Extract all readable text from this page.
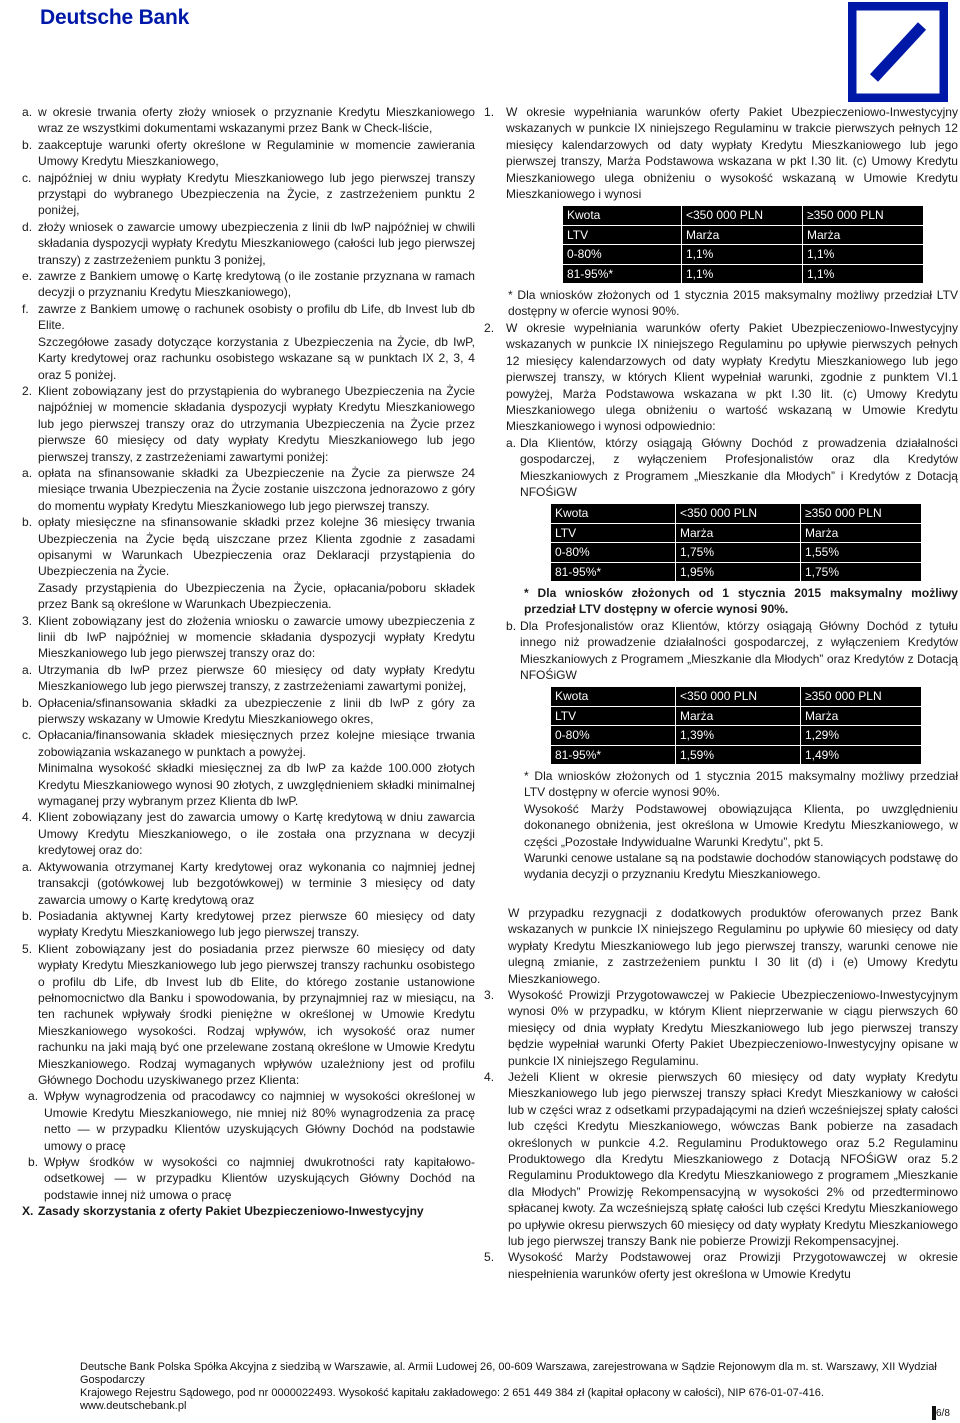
Deutsche Bank
a. w okresie trwania oferty złoży wniosek o przyznanie Kredytu Mieszkaniowego wraz ze wszystkimi dokumentami wskazanymi przez Bank w Check-liście,
b. zaakceptuje warunki oferty określone w Regulaminie w momencie zawierania Umowy Kredytu Mieszkaniowego,
c. najpóźniej w dniu wypłaty Kredytu Mieszkaniowego lub jego pierwszej transzy przystąpi do wybranego Ubezpieczenia na Życie, z zastrzeżeniem punktu 2 poniżej,
d. złoży wniosek o zawarcie umowy ubezpieczenia z linii db IwP najpóźniej w chwili składania dyspozycji wypłaty Kredytu Mieszkaniowego (całości lub jego pierwszej transzy) z zastrzeżeniem punktu 3 poniżej,
e. zawrze z Bankiem umowę o Kartę kredytową (o ile zostanie przyznana w ramach decyzji o przyznaniu Kredytu Mieszkaniowego),
f. zawrze z Bankiem umowę o rachunek osobisty o profilu db Life, db Invest lub db Elite.
Szczegółowe zasady dotyczące korzystania z Ubezpieczenia na Życie, db IwP, Karty kredytowej oraz rachunku osobistego wskazane są w punktach IX 2, 3, 4 oraz 5 poniżej.
2. Klient zobowiązany jest do przystąpienia do wybranego Ubezpieczenia na Życie najpóźniej w momencie składania dyspozycji wypłaty Kredytu Mieszkaniowego lub jego pierwszej transzy oraz do utrzymania Ubezpieczenia na Życie przez pierwsze 60 miesięcy od daty wypłaty Kredytu Mieszkaniowego lub jego pierwszej transzy, z zastrzeżeniami zawartymi poniżej:
a. opłata na sfinansowanie składki za Ubezpieczenie na Życie za pierwsze 24 miesiące trwania Ubezpieczenia na Życie zostanie uiszczona jednorazowo z góry do momentu wypłaty Kredytu Mieszkaniowego lub jego pierwszej transzy.
b. opłaty miesięczne na sfinansowanie składki przez kolejne 36 miesięcy trwania Ubezpieczenia na Życie będą uiszczane przez Klienta zgodnie z zasadami opisanymi w Warunkach Ubezpieczenia oraz Deklaracji przystąpienia do Ubezpieczenia na Życie.
Zasady przystąpienia do Ubezpieczenia na Życie, opłacania/poboru składek przez Bank są określone w Warunkach Ubezpieczenia.
3. Klient zobowiązany jest do złożenia wniosku o zawarcie umowy ubezpieczenia z linii db IwP najpóźniej w momencie składania dyspozycji wypłaty Kredytu Mieszkaniowego lub jego pierwszej transzy oraz do:
a. Utrzymania db IwP przez pierwsze 60 miesięcy od daty wypłaty Kredytu Mieszkaniowego lub jego pierwszej transzy, z zastrzeżeniami zawartymi poniżej,
b. Opłacenia/sfinansowania składki za ubezpieczenie z linii db IwP z góry za pierwszy wskazany w Umowie Kredytu Mieszkaniowego okres,
c. Opłacania/finansowania składek miesięcznych przez kolejne miesiące trwania zobowiązania wskazanego w punktach a powyżej.
Minimalna wysokość składki miesięcznej za db IwP za każde 100.000 złotych Kredytu Mieszkaniowego wynosi 90 złotych, z uwzględnieniem składki minimalnej wymaganej przy wybranym przez Klienta db IwP.
4. Klient zobowiązany jest do zawarcia umowy o Kartę kredytową w dniu zawarcia Umowy Kredytu Mieszkaniowego, o ile została ona przyznana w decyzji kredytowej oraz do:
a. Aktywowania otrzymanej Karty kredytowej oraz wykonania co najmniej jednej transakcji (gotówkowej lub bezgotówkowej) w terminie 3 miesięcy od daty zawarcia umowy o Kartę kredytową oraz
b. Posiadania aktywnej Karty kredytowej przez pierwsze 60 miesięcy od daty wypłaty Kredytu Mieszkaniowego lub jego pierwszej transzy.
5. Klient zobowiązany jest do posiadania przez pierwsze 60 miesięcy od daty wypłaty Kredytu Mieszkaniowego lub jego pierwszej transzy rachunku osobistego o profilu db Life, db Invest lub db Elite, do którego zostanie ustanowione pełnomocnictwo dla Banku i spowodowania, by przynajmniej raz w miesiącu, na ten rachunek wpływały środki pieniężne w określonej w Umowie Kredytu Mieszkaniowego wysokości. Rodzaj wpływów, ich wysokość oraz numer rachunku na jaki mają być one przelewane zostaną określone w Umowie Kredytu Mieszkaniowego. Rodzaj wymaganych wpływów uzależniony jest od profilu Głównego Dochodu uzyskiwanego przez Klienta:
a. Wpływ wynagrodzenia od pracodawcy co najmniej w wysokości określonej w Umowie Kredytu Mieszkaniowego, nie mniej niż 80% wynagrodzenia za pracę netto — w przypadku Klientów uzyskujących Główny Dochód na podstawie umowy o pracę
b. Wpływ środków w wysokości co najmniej dwukrotności raty kapitałowo-odsetkowej — w przypadku Klientów uzyskujących Główny Dochód na podstawie innej niż umowa o pracę
X. Zasady skorzystania z oferty Pakiet Ubezpieczeniowo-Inwestycyjny
1. W okresie wypełniania warunków oferty Pakiet Ubezpieczeniowo-Inwestycyjny wskazanych w punkcie IX niniejszego Regulaminu w trakcie pierwszych pełnych 12 miesięcy kalendarzowych od daty wypłaty Kredytu Mieszkaniowego lub jego pierwszej transzy, Marża Podstawowa wskazana w pkt I.30 lit. (c) Umowy Kredytu Mieszkaniowego ulega obniżeniu o wysokość wskazaną w Umowie Kredytu Mieszkaniowego i wynosi
Kwota	<350 000 PLN	≥350 000 PLN
LTV	Marża	Marża
0-80%	1,1%	1,1%
81-95%*	1,1%	1,1%
* Dla wniosków złożonych od 1 stycznia 2015 maksymalny możliwy przedział LTV dostępny w ofercie wynosi 90%.
2. W okresie wypełniania warunków oferty Pakiet Ubezpieczeniowo-Inwestycyjny wskazanych w punkcie IX niniejszego Regulaminu po upływie pierwszych pełnych 12 miesięcy kalendarzowych od daty wypłaty Kredytu Mieszkaniowego lub jego pierwszej transzy, w których Klient wypełniał warunki, zgodnie z punktem VI.1 powyżej, Marża Podstawowa wskazana w pkt I.30 lit. (c) Umowy Kredytu Mieszkaniowego ulega obniżeniu o wartość wskazaną w Umowie Kredytu Mieszkaniowego i wynosi odpowiednio:
a. Dla Klientów, którzy osiągają Główny Dochód z prowadzenia działalności gospodarczej, z wyłączeniem Profesjonalistów oraz dla Kredytów Mieszkaniowych z Programem „Mieszkanie dla Młodych” i Kredytów z Dotacją NFOŚiGW
Kwota	<350 000 PLN	≥350 000 PLN
LTV	Marża	Marża
0-80%	1,75%	1,55%
81-95%*	1,95%	1,75%
* Dla wniosków złożonych od 1 stycznia 2015 maksymalny możliwy przedział LTV dostępny w ofercie wynosi 90%.
b. Dla Profesjonalistów oraz Klientów, którzy osiągają Główny Dochód z tytułu innego niż prowadzenie działalności gospodarczej, z wyłączeniem Kredytów Mieszkaniowych z Programem „Mieszkanie dla Młodych” oraz Kredytów z Dotacją NFOŚiGW
Kwota	<350 000 PLN	≥350 000 PLN
LTV	Marża	Marża
0-80%	1,39%	1,29%
81-95%*	1,59%	1,49%
* Dla wniosków złożonych od 1 stycznia 2015 maksymalny możliwy przedział LTV dostępny w ofercie wynosi 90%.
Wysokość Marży Podstawowej obowiązująca Klienta, po uwzględnieniu dokonanego obniżenia, jest określona w Umowie Kredytu Mieszkaniowego, w części „Pozostałe Indywidualne Warunki Kredytu”, pkt 5.
Warunki cenowe ustalane są na podstawie dochodów stanowiących podstawę do wydania decyzji o przyznaniu Kredytu Mieszkaniowego.
W przypadku rezygnacji z dodatkowych produktów oferowanych przez Bank wskazanych w punkcie IX niniejszego Regulaminu po upływie 60 miesięcy od daty wypłaty Kredytu Mieszkaniowego lub jego pierwszej transzy, warunki cenowe nie ulegną zmianie, z zastrzeżeniem punktu I 30 lit (d) i (e) Umowy Kredytu Mieszkaniowego.
3.	Wysokość Prowizji Przygotowawczej w Pakiecie Ubezpieczeniowo-Inwestycyjnym wynosi 0% w przypadku, w którym Klient nieprzerwanie w ciągu pierwszych 60 miesięcy od dnia wypłaty Kredytu Mieszkaniowego lub jego pierwszej transzy będzie wypełniał warunki Oferty Pakiet Ubezpieczeniowo-Inwestycyjny opisane w punkcie IX niniejszego Regulaminu.
4.	Jeżeli Klient w okresie pierwszych 60 miesięcy od daty wypłaty Kredytu Mieszkaniowego lub jego pierwszej transzy spłaci Kredyt Mieszkaniowy w całości lub w części wraz z odsetkami przypadającymi na dzień wcześniejszej spłaty całości lub części Kredytu Mieszkaniowego, wówczas Bank pobierze na zasadach określonych w punkcie 4.2. Regulaminu Produktowego oraz 5.2 Regulaminu Produktowego dla Kredytu Mieszkaniowego z Dotacją NFOŚiGW oraz 5.2 Regulaminu Produktowego dla Kredytu Mieszkaniowego z programem „Mieszkanie dla Młodych” Prowizję Rekompensacyjną w wysokości 2% od przedterminowo spłacanej kwoty. Za wcześniejszą spłatę całości lub części Kredytu Mieszkaniowego po upływie okresu pierwszych 60 miesięcy od daty wypłaty Kredytu Mieszkaniowego lub jego pierwszej transzy Bank nie pobierze Prowizji Rekompensacyjnej.
5.	Wysokość Marży Podstawowej oraz Prowizji Przygotowawczej w okresie niespełnienia warunków oferty jest określona w Umowie Kredytu
Deutsche Bank Polska Spółka Akcyjna z siedzibą w Warszawie, al. Armii Ludowej 26, 00-609 Warszawa, zarejestrowana w Sądzie Rejonowym dla m. st. Warszawy, XII Wydział Gospodarczy
Krajowego Rejestru Sądowego, pod nr 0000022493. Wysokość kapitału zakładowego: 2 651 449 384 zł (kapitał opłacony w całości), NIP 676-01-07-416.
www.deutschebank.pl
6/8
